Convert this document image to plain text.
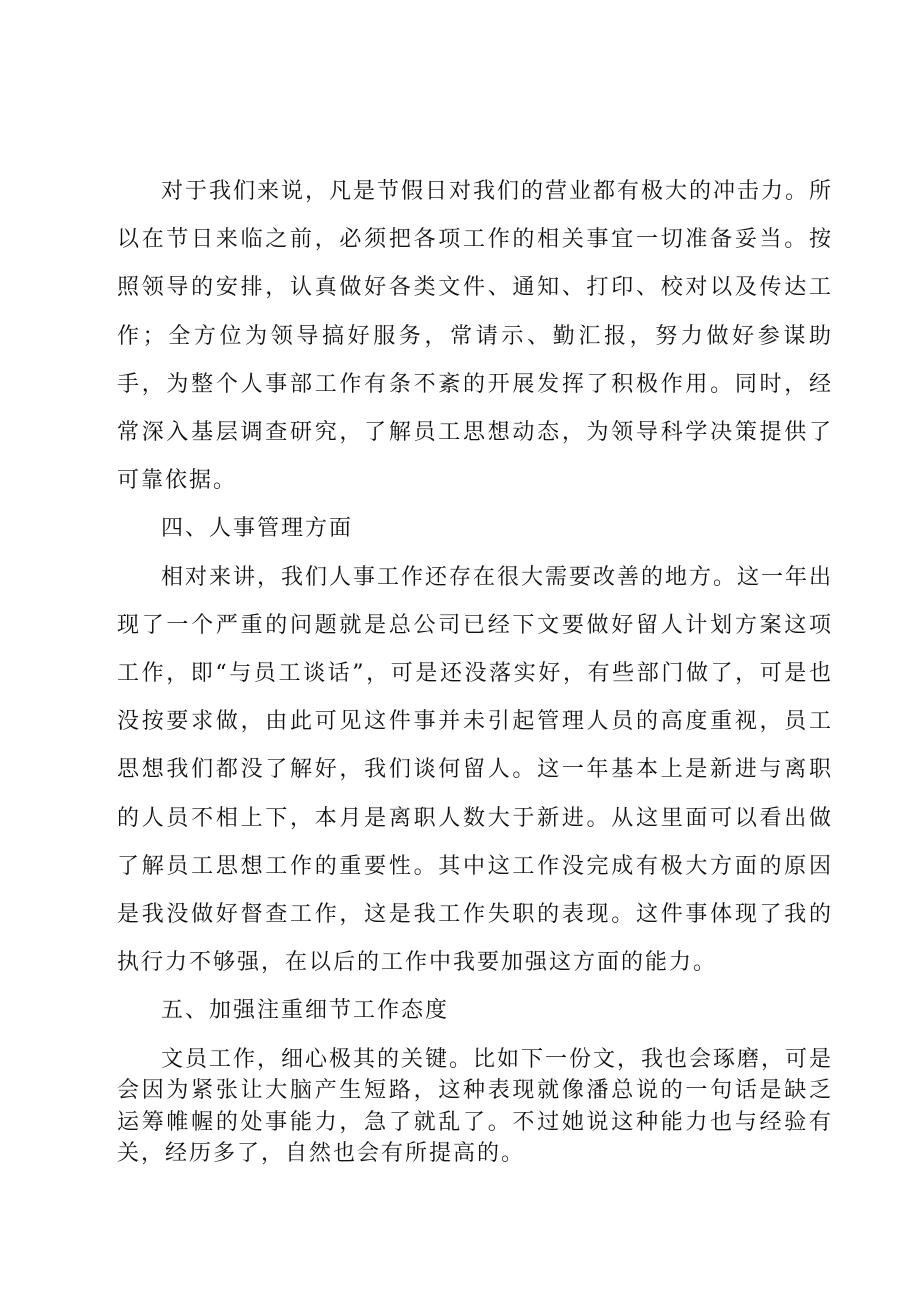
对于我们来说，凡是节假日对我们的营业都有极大的冲击力。所以在节日来临之前，必须把各项工作的相关事宜一切准备妥当。按照领导的安排，认真做好各类文件、通知、打印、校对以及传达工作；全方位为领导搞好服务，常请示、勤汇报，努力做好参谋助手，为整个人事部工作有条不紊的开展发挥了积极作用。同时，经常深入基层调查研究，了解员工思想动态，为领导科学决策提供了可靠依据。

四、人事管理方面

相对来讲，我们人事工作还存在很大需要改善的地方。这一年出现了一个严重的问题就是总公司已经下文要做好留人计划方案这项工作，即“与员工谈话”，可是还没落实好，有些部门做了，可是也没按要求做，由此可见这件事并未引起管理人员的高度重视，员工思想我们都没了解好，我们谈何留人。这一年基本上是新进与离职的人员不相上下，本月是离职人数大于新进。从这里面可以看出做了解员工思想工作的重要性。其中这工作没完成有极大方面的原因是我没做好督查工作，这是我工作失职的表现。这件事体现了我的执行力不够强，在以后的工作中我要加强这方面的能力。

五、加强注重细节工作态度

文员工作，细心极其的关键。比如下一份文，我也会琢磨，可是会因为紧张让大脑产生短路，这种表现就像潘总说的一句话是缺乏运筹帷幄的处事能力，急了就乱了。不过她说这种能力也与经验有关，经历多了，自然也会有所提高的。
